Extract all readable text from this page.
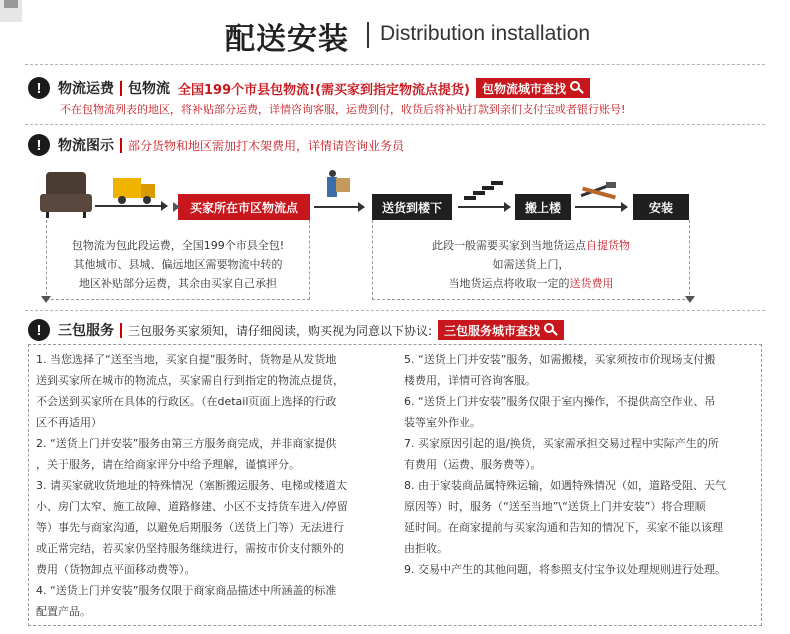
配送安装 Distribution installation
!	物流运费 包物流 全国199个市县包物流!(需买家到指定物流点提货) 包物流城市查找
不在包物流列表的地区，将补贴部分运费，详情咨询客服，运费到付，收货后将补贴打款到亲们支付宝或者银行账号!
!	物流图示 部分货物和地区需加打木架费用，详情请咨询业务员
买家所在市区物流点	送货到楼下	搬上楼	安装
包物流为包此段运费，全国199个市县全包!
其他城市、县城、偏远地区需要物流中转的
地区补贴部分运费，其余由买家自己承担
此段一般需要买家到当地货运点自提货物
如需送货上门，
当地货运点将收取一定的送货费用
!	三包服务 三包服务买家须知，请仔细阅读，购买视为同意以下协议: 三包服务城市查找

1. 当您选择了“送至当地，买家自提”服务时，货物是从发货地

送到买家所在城市的物流点，买家需自行到指定的物流点提货，

不会送到买家所在具体的行政区。（在detail页面上选择的行政

区不再适用）

2. “送货上门并安装”服务由第三方服务商完成，并非商家提供

，关于服务，请在给商家评分中给予理解，谨慎评分。

3. 请买家就收货地址的特殊情况（塞断搬运服务、电梯或楼道太

小、房门太窄、施工故障、道路修建、小区不支持货车进入/停留

等）事先与商家沟通，以避免后期服务（送货上门等）无法进行

或正常完结，若买家仍坚持服务继续进行，需按市价支付额外的

费用（货物卸点平面移动费等）。

4. “送货上门并安装”服务仅限于商家商品描述中所涵盖的标准

配置产品。

5. “送货上门并安装”服务，如需搬楼，买家须按市价现场支付搬

楼费用，详情可咨询客服。

6. “送货上门并安装”服务仅限于室内操作，不提供高空作业、吊

装等室外作业。

7. 买家原因引起的退/换货，买家需承担交易过程中实际产生的所

有费用（运费、服务费等）。

8. 由于家装商品属特殊运输，如遇特殊情况（如，道路受阻、天气

原因等）时，服务（“送至当地”\“送货上门并安装”）将合理顺

延时间。在商家提前与买家沟通和告知的情况下，买家不能以该理

由拒收。

9. 交易中产生的其他问题，将参照支付宝争议处理规则进行处理。
